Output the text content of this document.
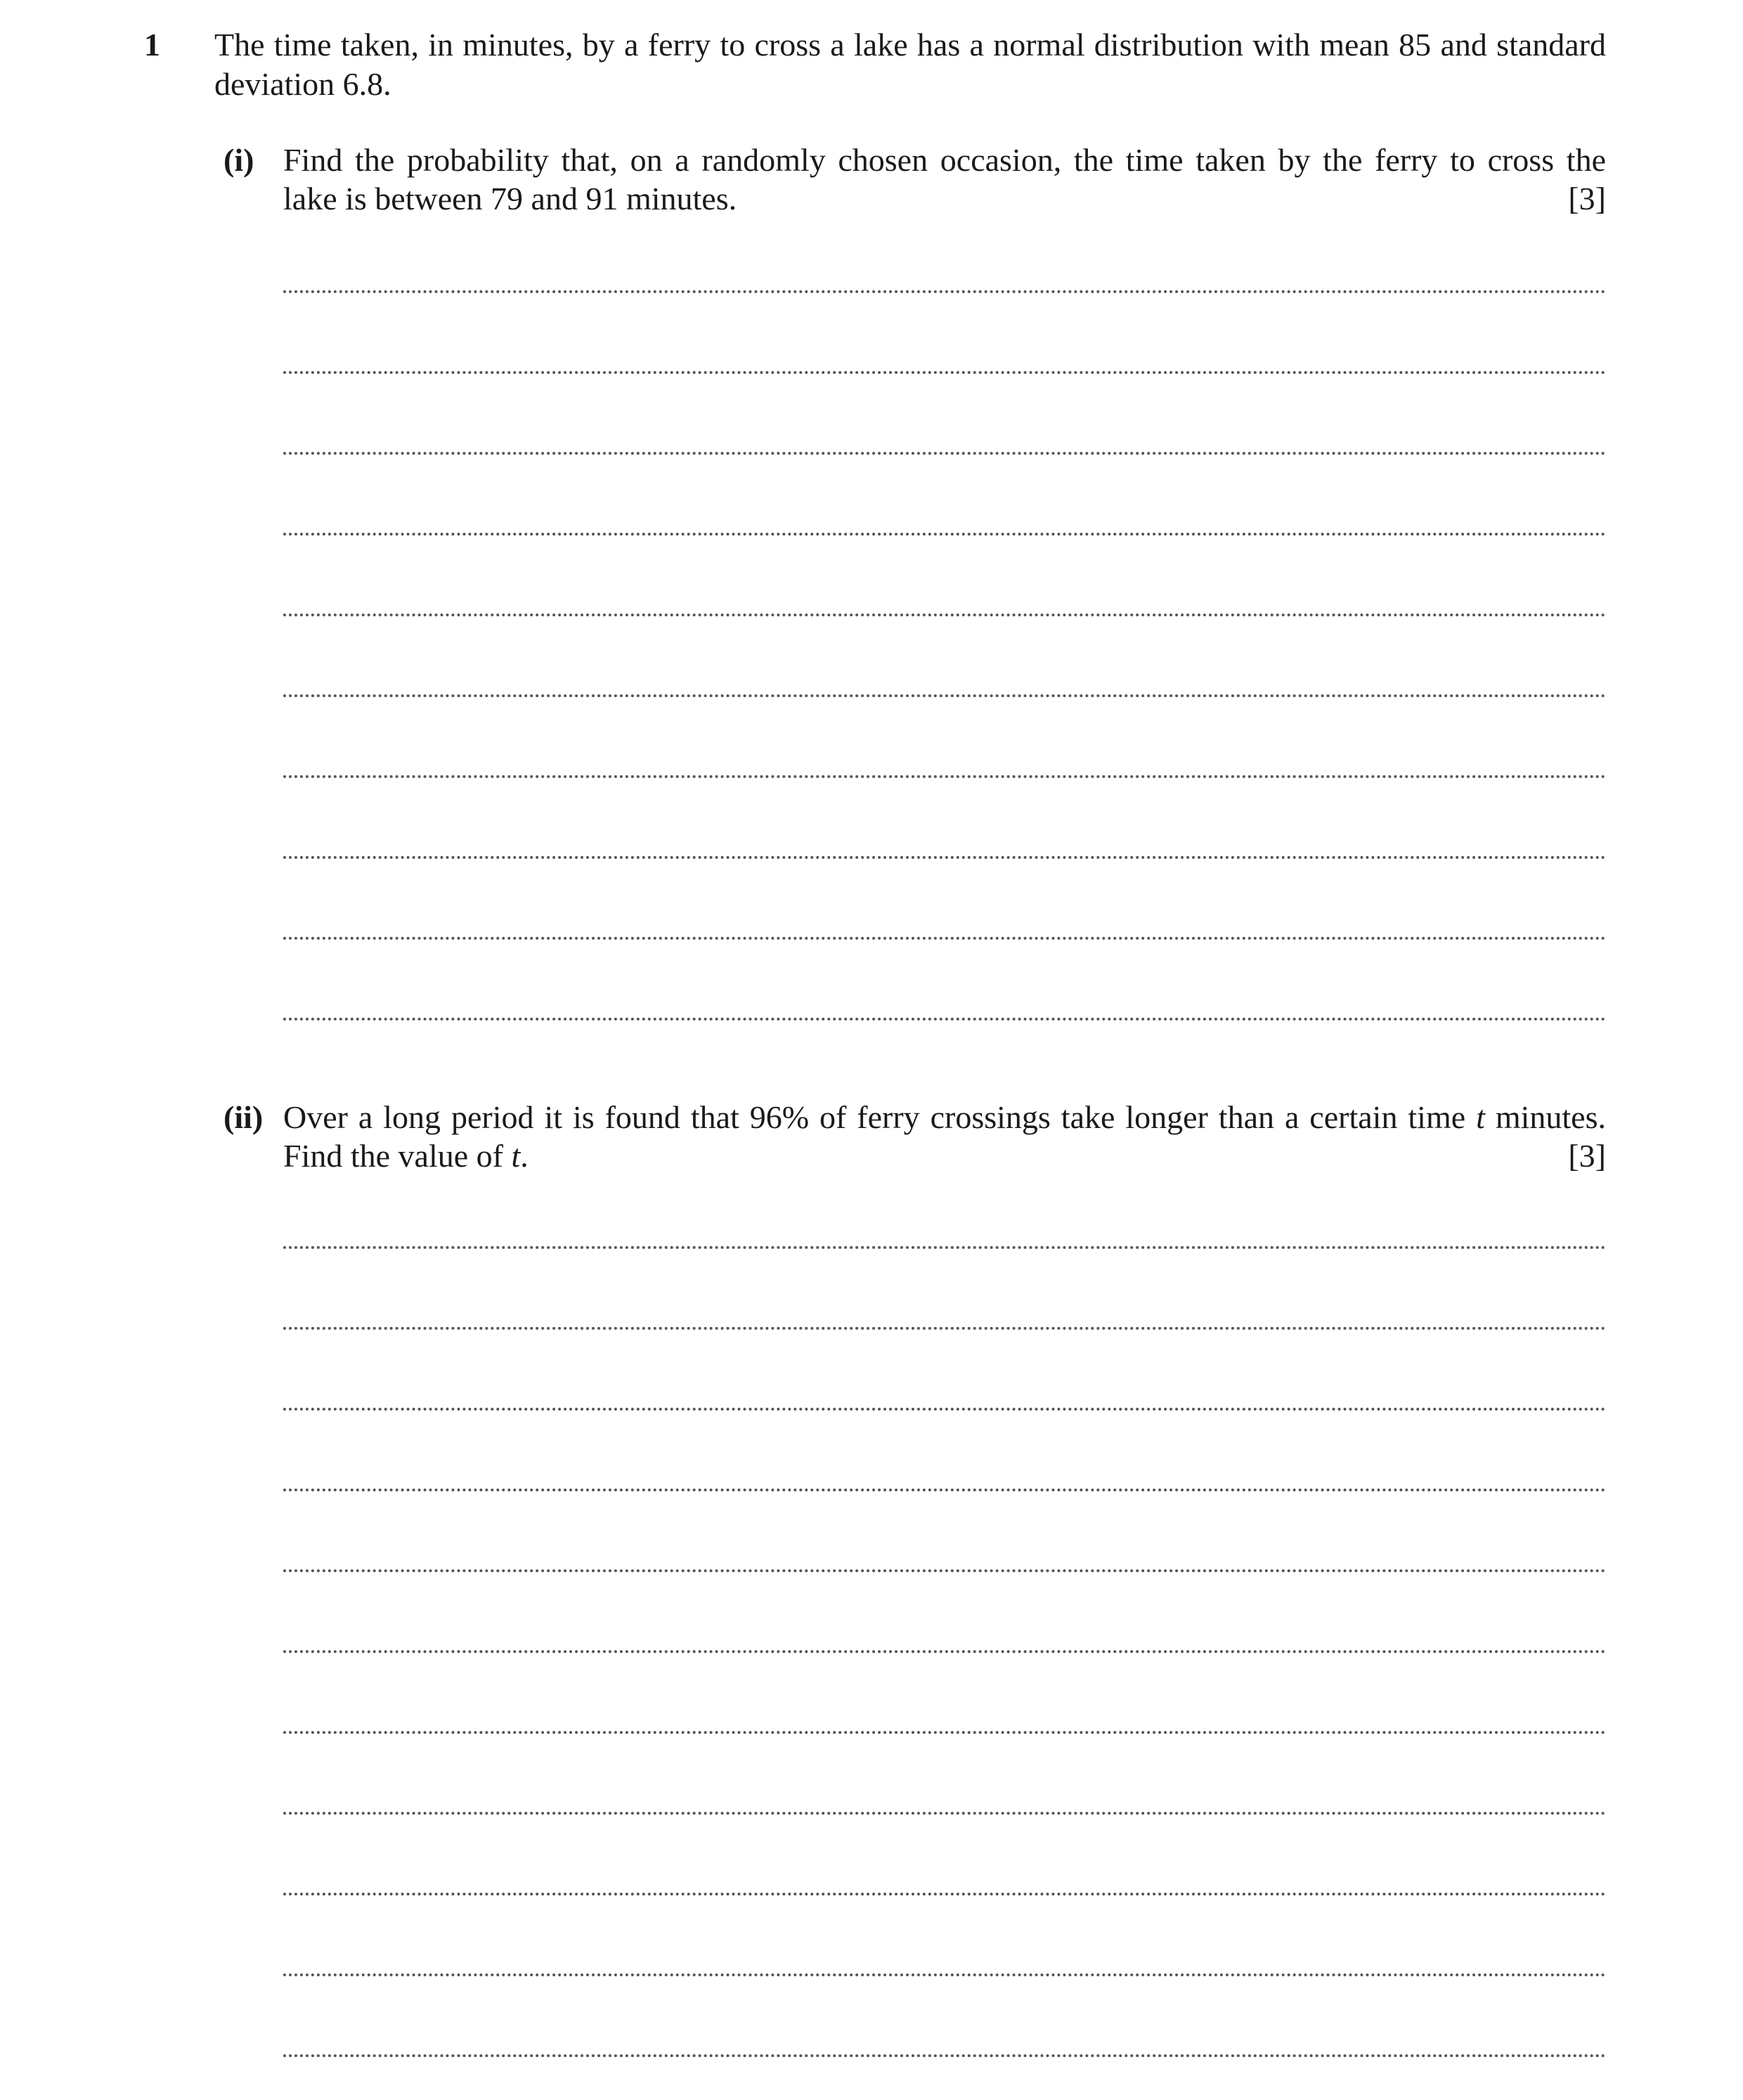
1 The time taken, in minutes, by a ferry to cross a lake has a normal distribution with mean 85 and standard deviation 6.8.
(i) Find the probability that, on a randomly chosen occasion, the time taken by the ferry to cross the
lake is between 79 and 91 minutes.	[3]
(ii) Over a long period it is found that 96% of ferry crossings take longer than a certain time t minutes.
Find the value of t.	[3]
